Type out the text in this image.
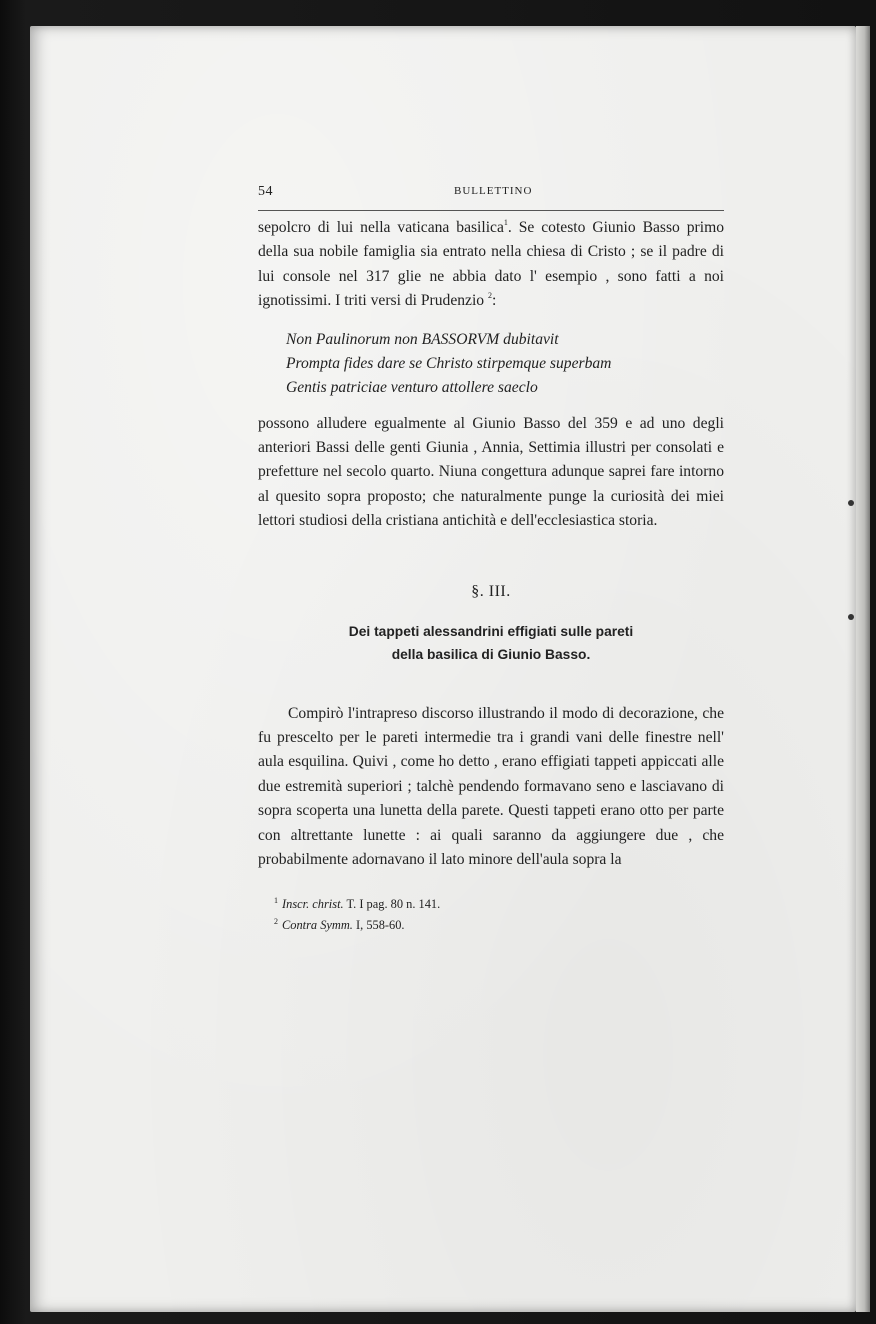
54	BULLETTINO

sepolcro di lui nella vaticana basilica$^1$. Se cotesto Giunio Basso primo della sua nobile famiglia sia entrato nella chiesa di Cristo ; se il padre di lui console nel 317 glie ne abbia dato l' esempio , sono fatti a noi ignotissimi. I triti versi di Prudenzio $^2$:

Non Paulinorum non BASSORVM dubitavit
Prompta fides dare se Christo stirpemque superbam
Gentis patriciae venturo attollere saeclo

possono alludere egualmente al Giunio Basso del 359 e ad uno degli anteriori Bassi delle genti Giunia , Annia, Settimia illustri per consolati e prefetture nel secolo quarto. Niuna congettura adunque saprei fare intorno al quesito sopra proposto; che naturalmente punge la curiosità dei miei lettori studiosi della cristiana antichità e dell'ecclesiastica storia.

§. III.
Dei tappeti alessandrini effigiati sulle pareti
della basilica di Giunio Basso.

Compirò l'intrapreso discorso illustrando il modo di decorazione, che fu prescelto per le pareti intermedie tra i grandi vani delle finestre nell' aula esquilina. Quivi , come ho detto , erano effigiati tappeti appiccati alle due estremità superiori ; talchè pendendo formavano seno e lasciavano di sopra scoperta una lunetta della parete. Questi tappeti erano otto per parte con altrettante lunette : ai quali saranno da aggiungere due , che probabilmente adornavano il lato minore dell'aula sopra la

$^1$ Inscr. christ. T. I pag. 80 n. 141.
$^2$ Contra Symm. I, 558-60.
